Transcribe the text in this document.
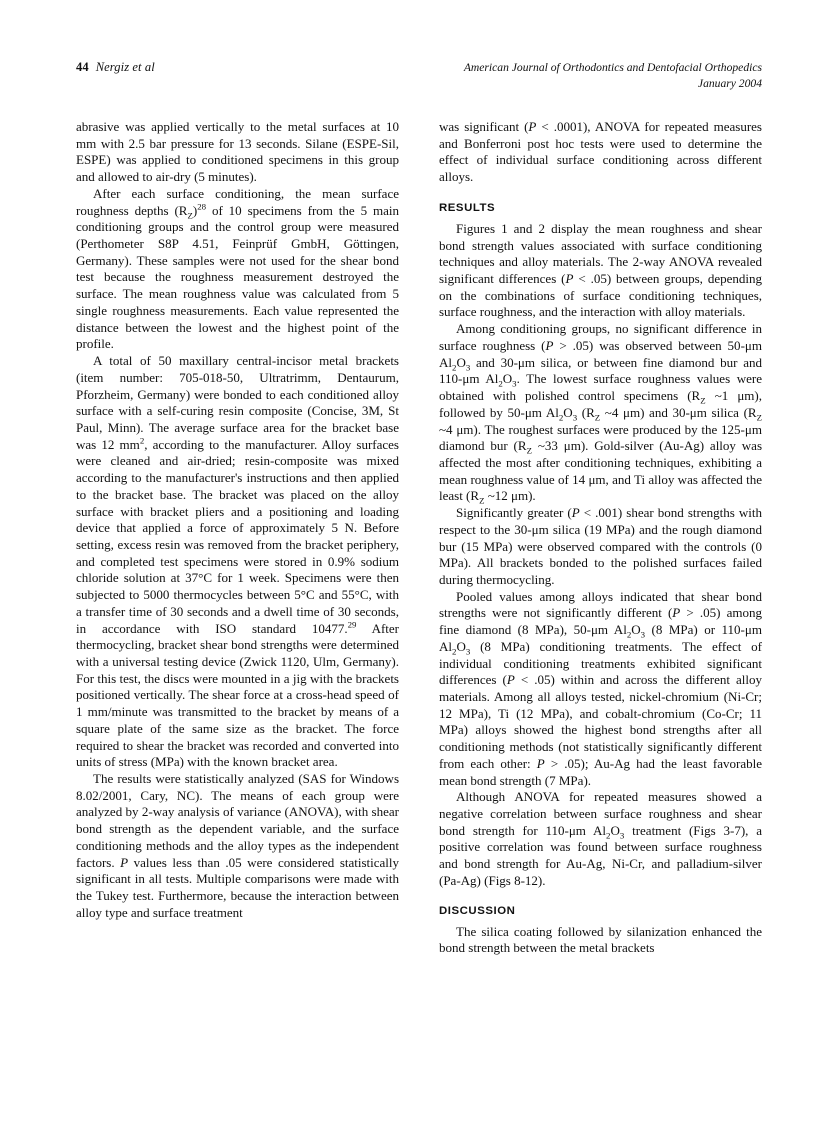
44 Nergiz et al	American Journal of Orthodontics and Dentofacial Orthopedics
January 2004

abrasive was applied vertically to the metal surfaces at 10 mm with 2.5 bar pressure for 13 seconds. Silane (ESPE-Sil, ESPE) was applied to conditioned specimens in this group and allowed to air-dry (5 minutes).

After each surface conditioning, the mean surface roughness depths $(R_Z)^{28}$ of 10 specimens from the 5 main conditioning groups and the control group were measured (Perthometer S8P 4.51, Feinprüf GmbH, Göttingen, Germany). These samples were not used for the shear bond test because the roughness measurement destroyed the surface. The mean roughness value was calculated from 5 single roughness measurements. Each value represented the distance between the lowest and the highest point of the profile.

A total of 50 maxillary central-incisor metal brackets (item number: 705-018-50, Ultratrimm, Dentaurum, Pforzheim, Germany) were bonded to each conditioned alloy surface with a self-curing resin composite (Concise, 3M, St Paul, Minn). The average surface area for the bracket base was 12 $mm^2$, according to the manufacturer. Alloy surfaces were cleaned and air-dried; resin-composite was mixed according to the manufacturer's instructions and then applied to the bracket base. The bracket was placed on the alloy surface with bracket pliers and a positioning and loading device that applied a force of approximately 5 N. Before setting, excess resin was removed from the bracket periphery, and completed test specimens were stored in 0.9% sodium chloride solution at 37°C for 1 week. Specimens were then subjected to 5000 thermocycles between 5°C and 55°C, with a transfer time of 30 seconds and a dwell time of 30 seconds, in accordance with ISO standard 10477.29 After thermocycling, bracket shear bond strengths were determined with a universal testing device (Zwick 1120, Ulm, Germany). For this test, the discs were mounted in a jig with the brackets positioned vertically. The shear force at a cross-head speed of 1 mm/minute was transmitted to the bracket by means of a square plate of the same size as the bracket. The force required to shear the bracket was recorded and converted into units of stress (MPa) with the known bracket area.

The results were statistically analyzed (SAS for Windows 8.02/2001, Cary, NC). The means of each group were analyzed by 2-way analysis of variance (ANOVA), with shear bond strength as the dependent variable, and the surface conditioning methods and the alloy types as the independent factors. P values less than .05 were considered statistically significant in all tests. Multiple comparisons were made with the Tukey test. Furthermore, because the interaction between alloy type and surface treatment

was significant (P < .0001), ANOVA for repeated measures and Bonferroni post hoc tests were used to determine the effect of individual surface conditioning across different alloys.

RESULTS

Figures 1 and 2 display the mean roughness and shear bond strength values associated with surface conditioning techniques and alloy materials. The 2-way ANOVA revealed significant differences (P < .05) between groups, depending on the combinations of surface conditioning techniques, surface roughness, and the interaction with alloy materials.

Among conditioning groups, no significant difference in surface roughness (P > .05) was observed between 50-μm $Al_2O_3$ and 30-μm silica, or between fine diamond bur and 110-μm $Al_2O_3$. The lowest surface roughness values were obtained with polished control specimens ($R_Z$ ~1 μm), followed by 50-μm $Al_2O_3$ ($R_Z$ ~4 μm) and 30-μm silica ($R_Z$ ~4 μm). The roughest surfaces were produced by the 125-μm diamond bur ($R_Z$ ~33 μm). Gold-silver (Au-Ag) alloy was affected the most after conditioning techniques, exhibiting a mean roughness value of 14 μm, and Ti alloy was affected the least ($R_Z$ ~12 μm).

Significantly greater (P < .001) shear bond strengths with respect to the 30-μm silica (19 MPa) and the rough diamond bur (15 MPa) were observed compared with the controls (0 MPa). All brackets bonded to the polished surfaces failed during thermocycling.

Pooled values among alloys indicated that shear bond strengths were not significantly different (P > .05) among fine diamond (8 MPa), 50-μm $Al_2O_3$ (8 MPa) or 110-μm $Al_2O_3$ (8 MPa) conditioning treatments. The effect of individual conditioning treatments exhibited significant differences (P < .05) within and across the different alloy materials. Among all alloys tested, nickel-chromium (Ni-Cr; 12 MPa), Ti (12 MPa), and cobalt-chromium (Co-Cr; 11 MPa) alloys showed the highest bond strengths after all conditioning methods (not statistically significantly different from each other: P > .05); Au-Ag had the least favorable mean bond strength (7 MPa).

Although ANOVA for repeated measures showed a negative correlation between surface roughness and shear bond strength for 110-μm $Al_2O_3$ treatment (Figs 3-7), a positive correlation was found between surface roughness and bond strength for Au-Ag, Ni-Cr, and palladium-silver (Pa-Ag) (Figs 8-12).

DISCUSSION

The silica coating followed by silanization enhanced the bond strength between the metal brackets
